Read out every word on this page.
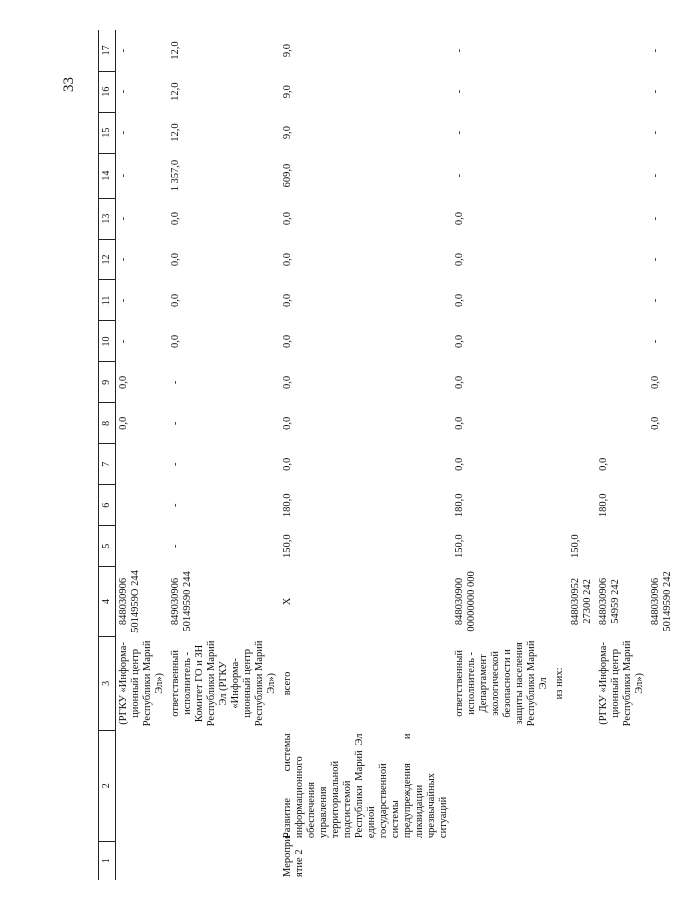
33
1	2	3	4	5	6	7	8	9	10	11	12	13	14	15	16	17
		(РГКУ «Информа-ционный центр Республики Марий Эл»)	848030906 5014959О 244				0,0	0,0	-	-	-	-	-	-	-	-
		ответственный исполнитель - Комитет ГО и ЗН Республики Марий Эл (РГКУ «Информа-ционный центр Республики Марий Эл»)	849030906 50149590 244	-	-	-	-	-	0,0	0,0	0,0	0,0	1 357,0	12,0	12,0	12,0
Меропри-ятие 2	Развитие системы информационного обеспечения управления территориальной подсистемой Республики Марий Эл единой государственной системы предупреждения и ликвидации чрезвычайных ситуаций	всего	Х	150,0	180,0	0,0	0,0	0,0	0,0	0,0	0,0	0,0	609,0	9,0	9,0	9,0
		ответственный исполнитель - Департамент экологической безопасности и защиты населения Республики Марий Эл	848030900 00000000 000	150,0	180,0	0,0	0,0	0,0	0,0	0,0	0,0	0,0	-	-	-	-
		из них:														
			848030952 27300 242	150,0												
		(РГКУ «Информа-ционный центр Республики Марий Эл»)	848030906 54959 242		180,0	0,0										
			848030906 50149590 242				0,0	0,0	-	-	-	-	-	-	-	-
